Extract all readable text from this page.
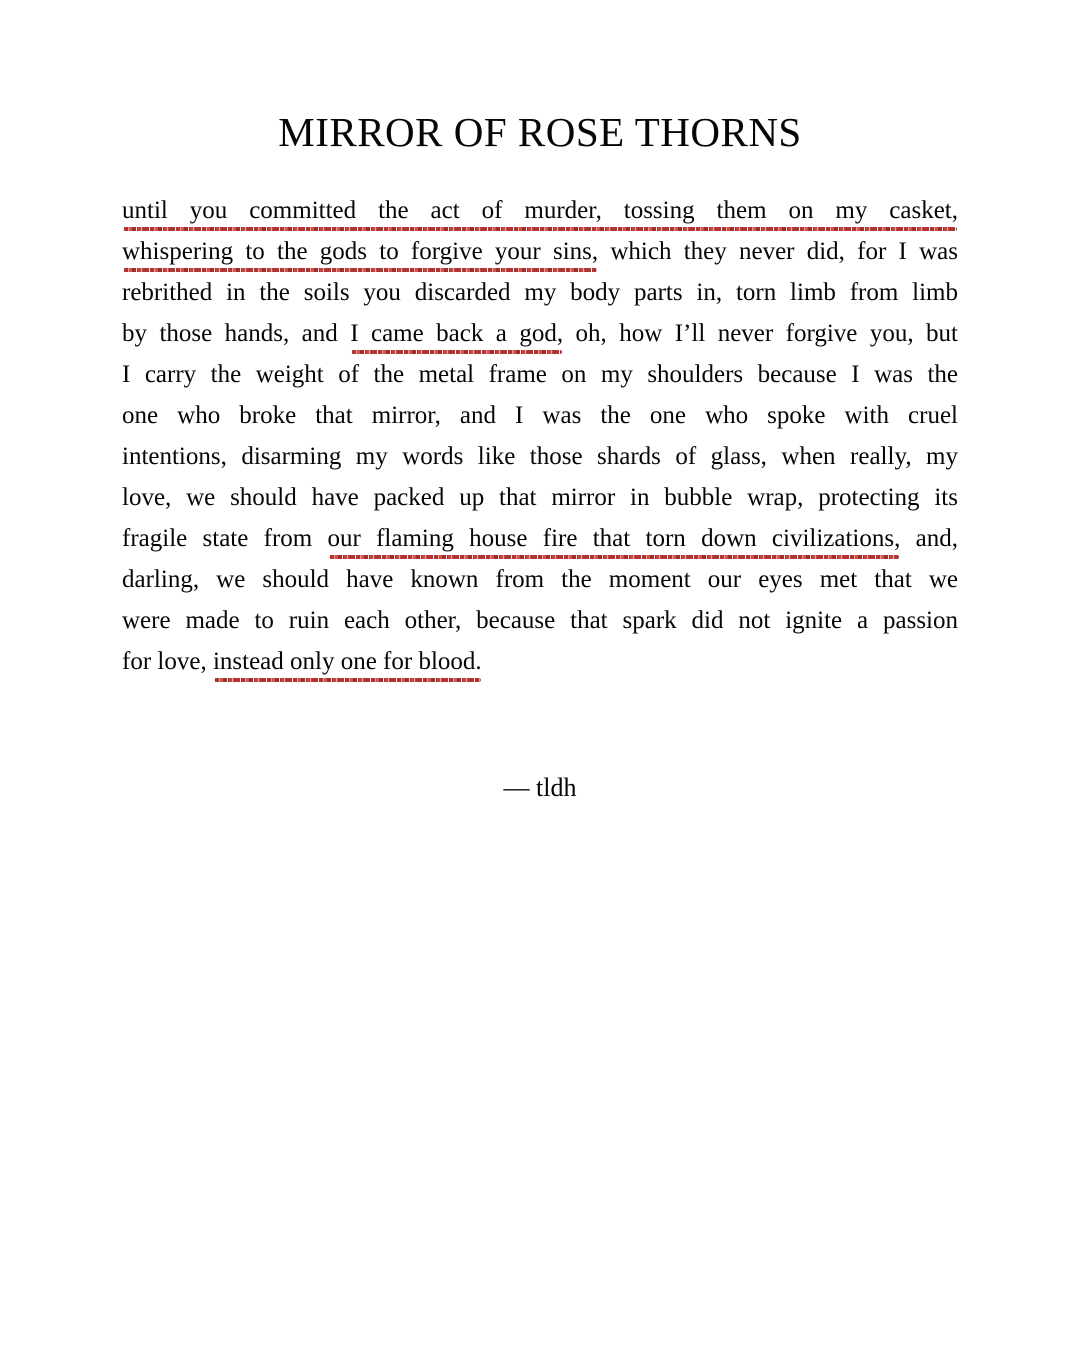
MIRROR OF ROSE THORNS
until you committed the act of murder, tossing them on my casket,
whispering to the gods to forgive your sins, which they never did, for I was
rebrithed in the soils you discarded my body parts in, torn limb from limb
by those hands, and I came back a god, oh, how I’ll never forgive you, but
I carry the weight of the metal frame on my shoulders because I was the
one who broke that mirror, and I was the one who spoke with cruel
intentions, disarming my words like those shards of glass, when really, my
love, we should have packed up that mirror in bubble wrap, protecting its
fragile state from our flaming house fire that torn down civilizations, and,
darling, we should have known from the moment our eyes met that we
were made to ruin each other, because that spark did not ignite a passion
for love, instead only one for blood.
— tldh
